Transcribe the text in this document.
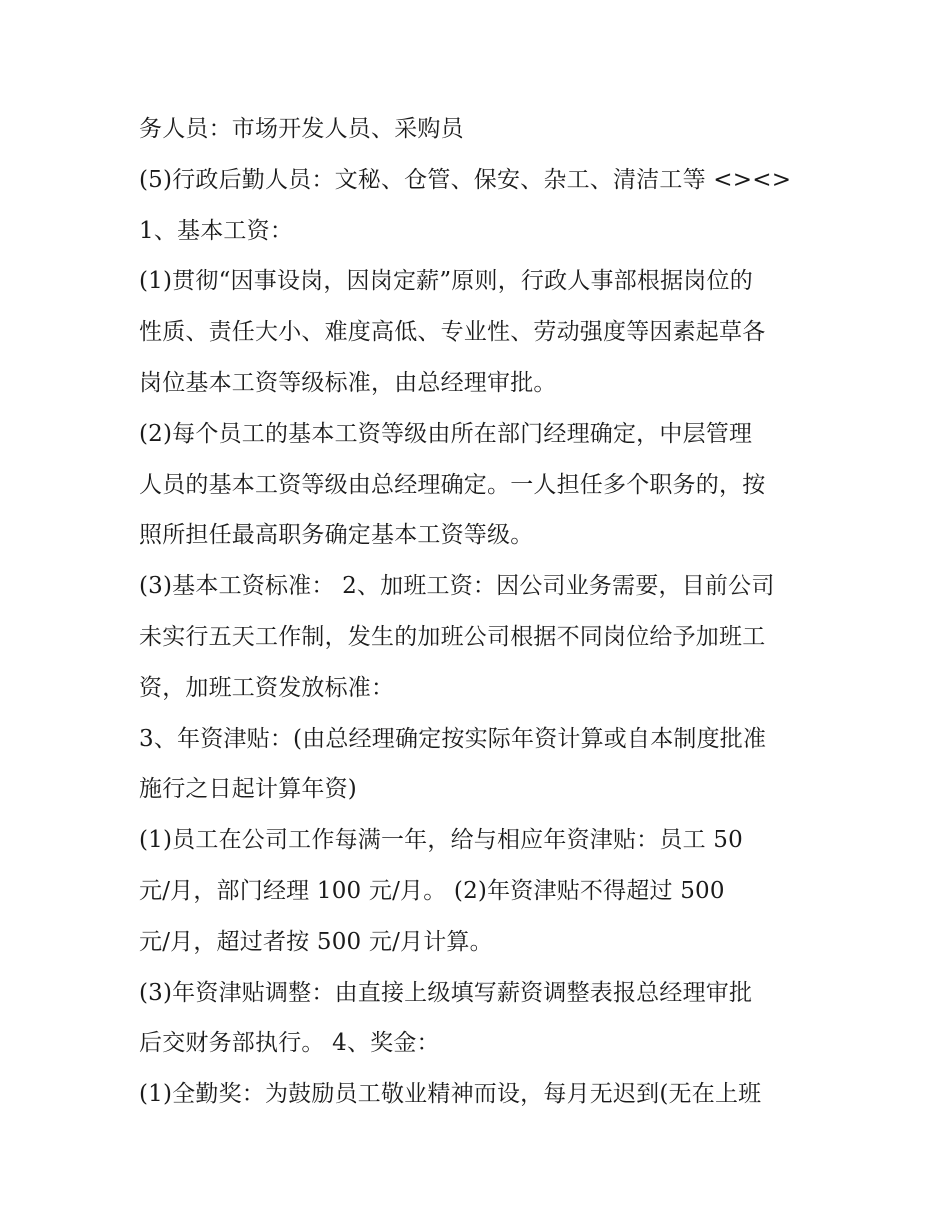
务人员：市场开发人员、采购员
(5)行政后勤人员：文秘、仓管、保安、杂工、清洁工等 <><>
1、基本工资：
(1)贯彻“因事设岗，因岗定薪”原则，行政人事部根据岗位的
性质、责任大小、难度高低、专业性、劳动强度等因素起草各
岗位基本工资等级标准，由总经理审批。
(2)每个员工的基本工资等级由所在部门经理确定，中层管理
人员的基本工资等级由总经理确定。一人担任多个职务的，按
照所担任最高职务确定基本工资等级。
(3)基本工资标准： 2、加班工资：因公司业务需要，目前公司
未实行五天工作制，发生的加班公司根据不同岗位给予加班工
资，加班工资发放标准：
3、年资津贴：(由总经理确定按实际年资计算或自本制度批准
施行之日起计算年资)
(1)员工在公司工作每满一年，给与相应年资津贴：员工 50
元/月，部门经理 100 元/月。 (2)年资津贴不得超过 500
元/月，超过者按 500 元/月计算。
(3)年资津贴调整：由直接上级填写薪资调整表报总经理审批
后交财务部执行。 4、奖金：
(1)全勤奖：为鼓励员工敬业精神而设，每月无迟到(无在上班
